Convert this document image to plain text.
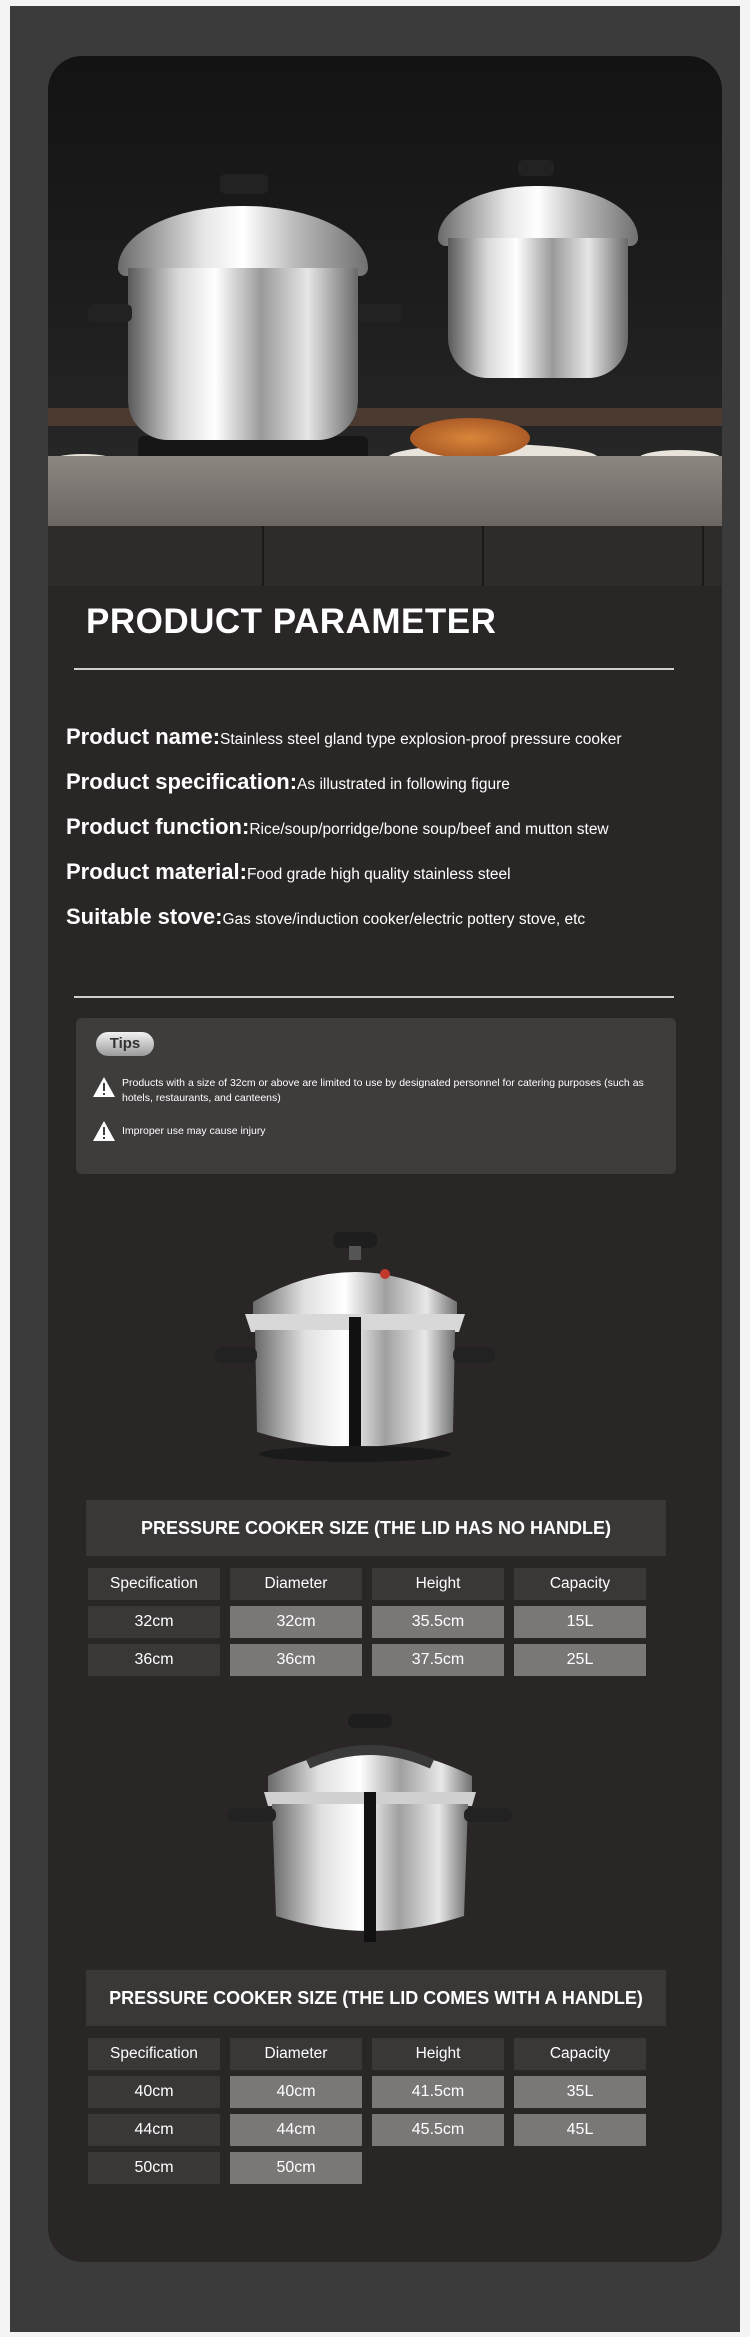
PRODUCT PARAMETER
Product name:Stainless steel gland type explosion-proof pressure cooker
Product specification:As illustrated in following figure
Product function:Rice/soup/porridge/bone soup/beef and mutton stew
Product material:Food grade high quality stainless steel
Suitable stove:Gas stove/induction cooker/electric pottery stove, etc
Tips
Products with a size of 32cm or above are limited to use by designated personnel for catering purposes (such as hotels, restaurants, and canteens)
Improper use may cause injury
PRESSURE COOKER SIZE (THE LID HAS NO HANDLE)
Specification	Diameter	Height	Capacity
32cm	32cm	35.5cm	15L
36cm	36cm	37.5cm	25L
PRESSURE COOKER SIZE (THE LID COMES WITH A HANDLE)
Specification	Diameter	Height	Capacity
40cm	40cm	41.5cm	35L
44cm	44cm	45.5cm	45L
50cm	50cm
